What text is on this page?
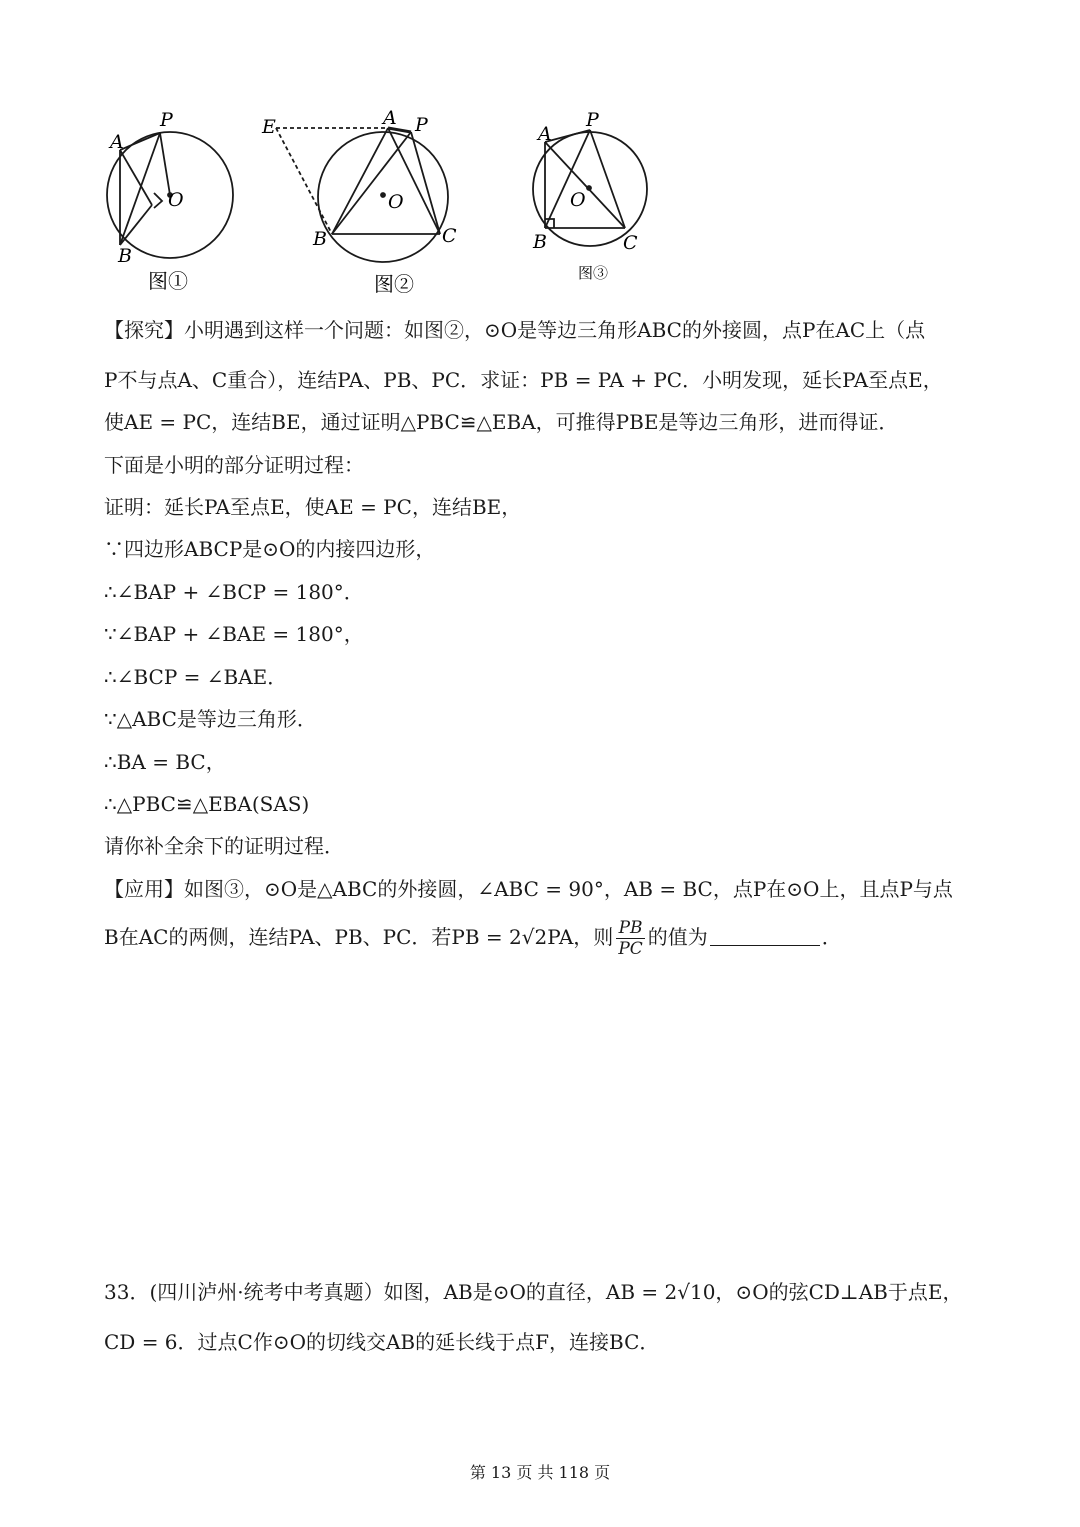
A
P
B
O
图①
E	A P
B	C
O
图②
A
P
B	C
O
图③
【探究】小明遇到这样一个问题：如图②，⊙O是等边三角形ABC的外接圆，点P在AC上（点
P不与点A、C重合），连结PA、PB、PC．求证：PB = PA + PC．小明发现，延长PA至点E，
使AE = PC，连结BE，通过证明△PBC≌△EBA，可推得PBE是等边三角形，进而得证．
下面是小明的部分证明过程：
证明：延长PA至点E，使AE = PC，连结BE，
∵四边形ABCP是⊙O的内接四边形，
∴∠BAP + ∠BCP = 180°．
∵∠BAP + ∠BAE = 180°，
∴∠BCP = ∠BAE．
∵△ABC是等边三角形．
∴BA = BC，
∴△PBC≌△EBA(SAS)
请你补全余下的证明过程．
【应用】如图③，⊙O是△ABC的外接圆，∠ABC = 90°，AB = BC，点P在⊙O上，且点P与点
B在AC的两侧，连结PA、PB、PC．若PB = 2√2PA，则 $\frac{PB}{PC}$ 的值为	．
33．(四川泸州·统考中考真题）如图，AB是⊙O的直径，AB = 2√10，⊙O的弦CD⊥AB于点E，
CD = 6．过点C作⊙O的切线交AB的延长线于点F，连接BC．
第 13 页 共 118 页
